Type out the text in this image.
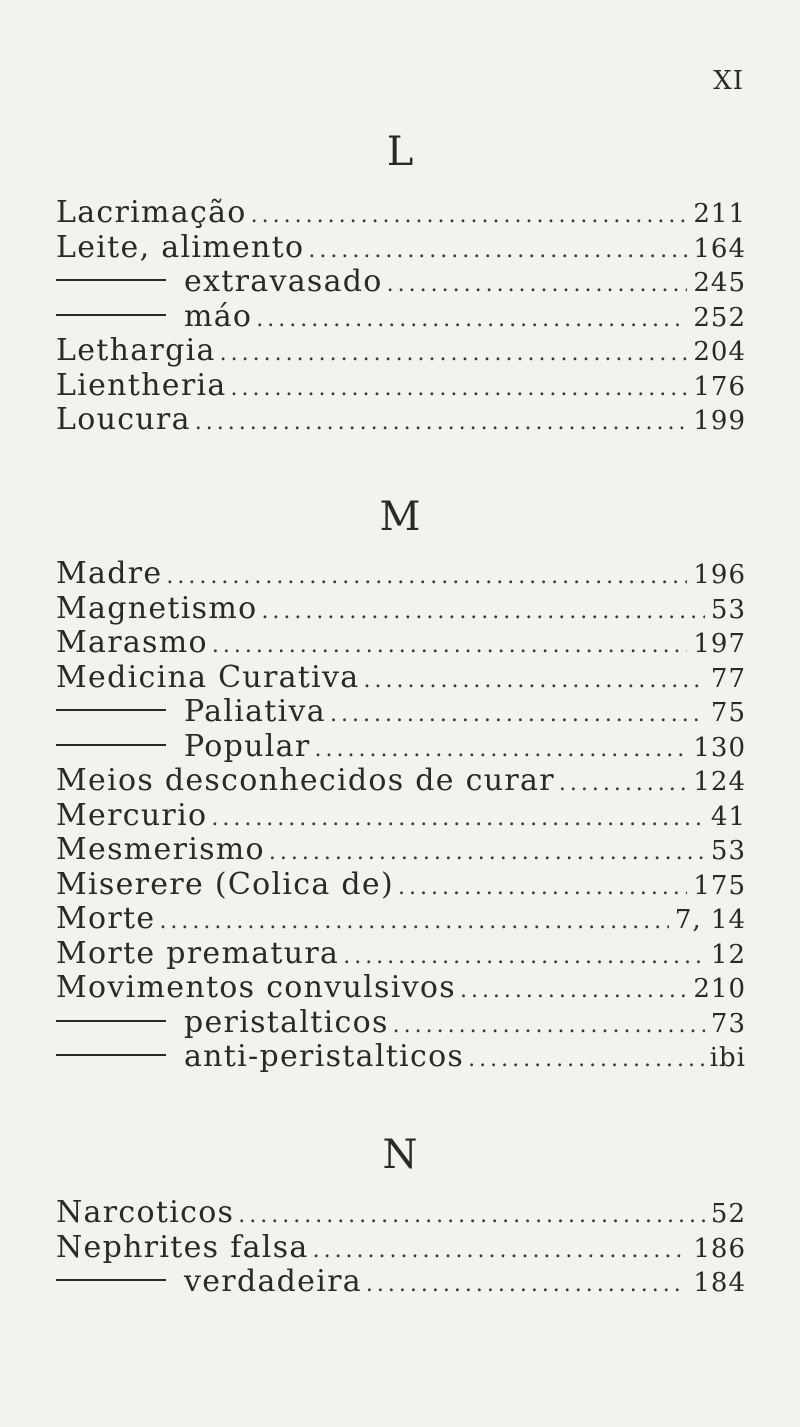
XI
L
Lacrimação .....	211
Leite, alimento .....	164
extravasado .....	245
máo .....	252
Lethargia .....	204
Lientheria .....	176
Loucura .....	199
M
Madre .....	196
Magnetismo .....	53
Marasmo .....	197
Medicina Curativa .....	77
Paliativa .....	75
Popular .....	130
Meios desconhecidos de curar .....	124
Mercurio .....	41
Mesmerismo .....	53
Miserere (Colica de) .....	175
Morte .....	7, 14
Morte prematura .....	12
Movimentos convulsivos .....	210
peristalticos .....	73
anti-peristalticos .....	ibi
N
Narcoticos .....	52
Nephrites falsa .....	186
verdadeira .....	184
